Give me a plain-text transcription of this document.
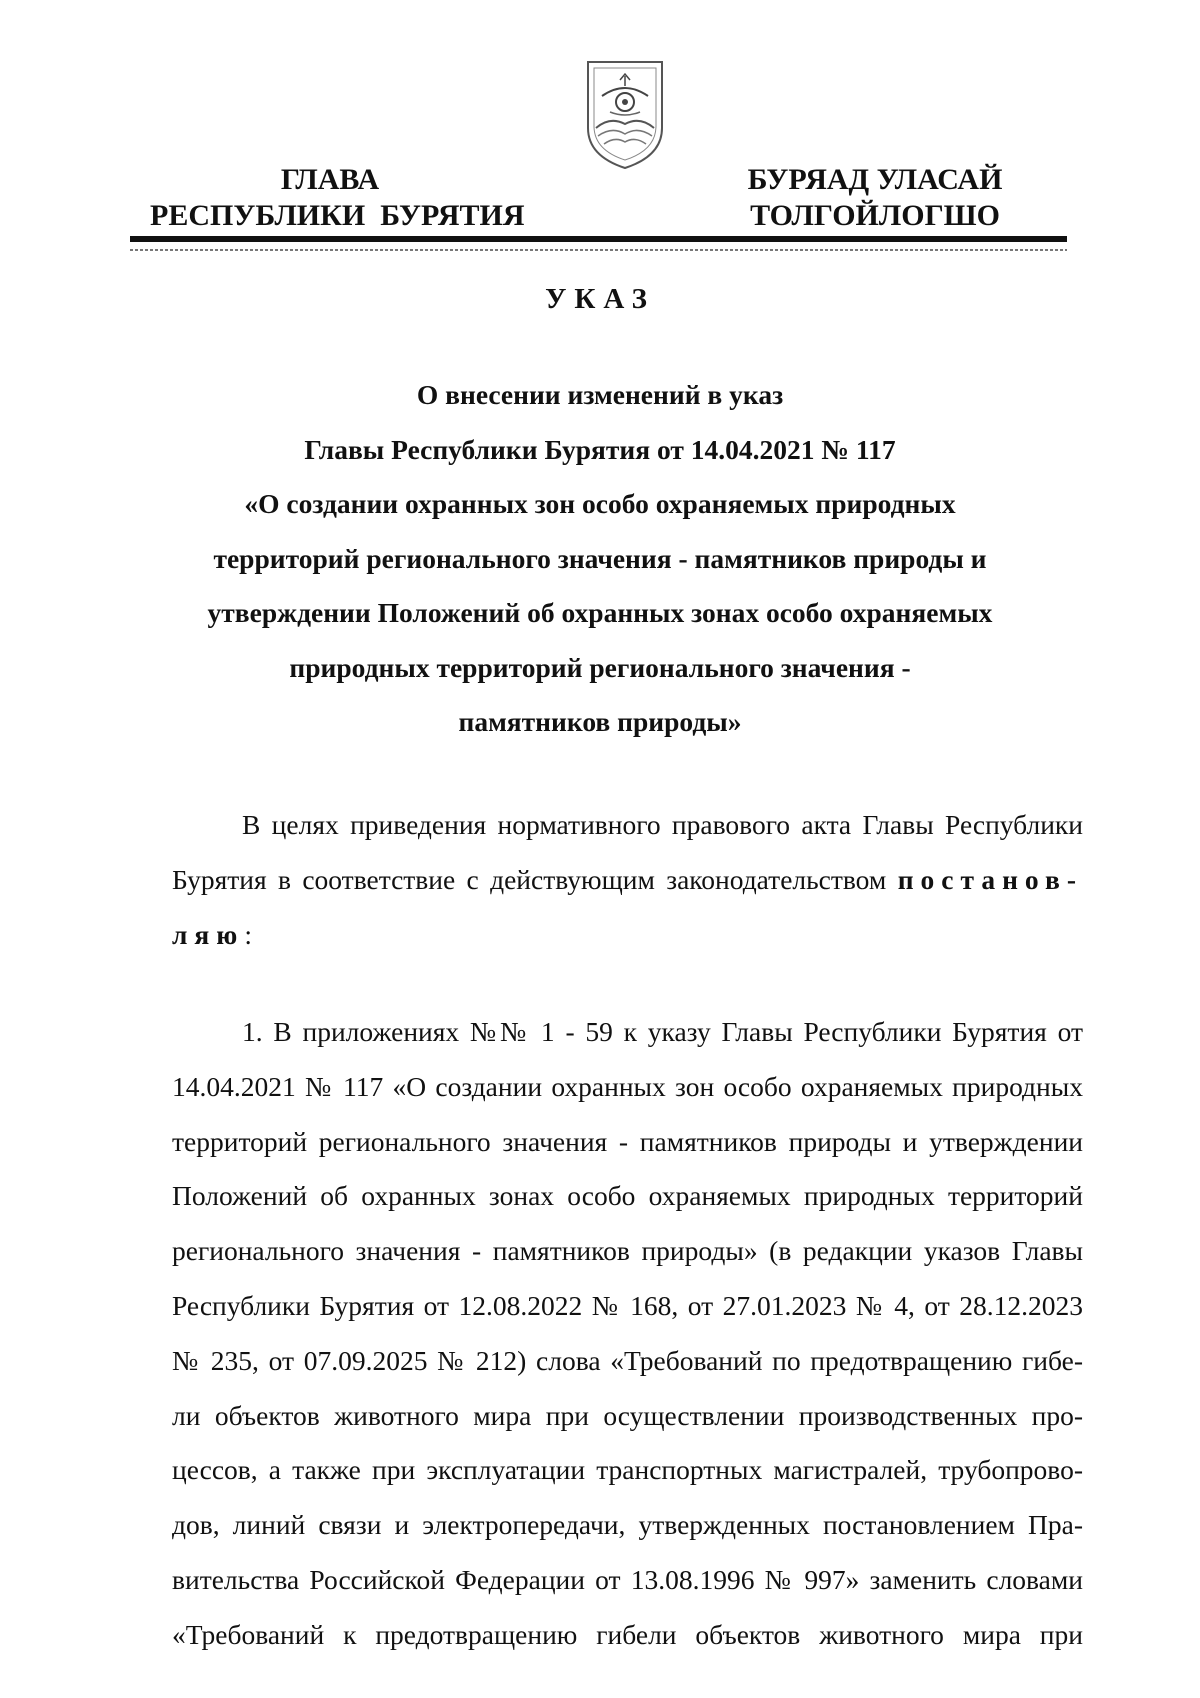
ГЛАВА
РЕСПУБЛИКИ  БУРЯТИЯ
БУРЯАД УЛАСАЙ
ТОЛГОЙЛОГШО
УКАЗ
О внесении изменений в указ
Главы Республики Бурятия от 14.04.2021 № 117
«О создании охранных зон особо охраняемых природных
территорий регионального значения - памятников природы и
утверждении Положений об охранных зонах особо охраняемых
природных территорий регионального значения -
памятников природы»
В целях приведения нормативного правового акта Главы Республики
Бурятия в соответствие с действующим законодательством постанов-
ляю:
1. В приложениях №№ 1 - 59 к указу Главы Республики Бурятия от
14.04.2021 № 117 «О создании охранных зон особо охраняемых природных
территорий регионального значения - памятников природы и утверждении
Положений об охранных зонах особо охраняемых природных территорий
регионального значения - памятников природы» (в редакции указов Главы
Республики Бурятия от 12.08.2022 № 168, от 27.01.2023 № 4, от 28.12.2023
№ 235, от 07.09.2025 № 212) слова «Требований по предотвращению гибе-
ли объектов животного мира при осуществлении производственных про-
цессов, а также при эксплуатации транспортных магистралей, трубопрово-
дов, линий связи и электропередачи, утвержденных постановлением Пра-
вительства Российской Федерации от 13.08.1996 № 997» заменить словами
«Требований к предотвращению гибели объектов животного мира при
